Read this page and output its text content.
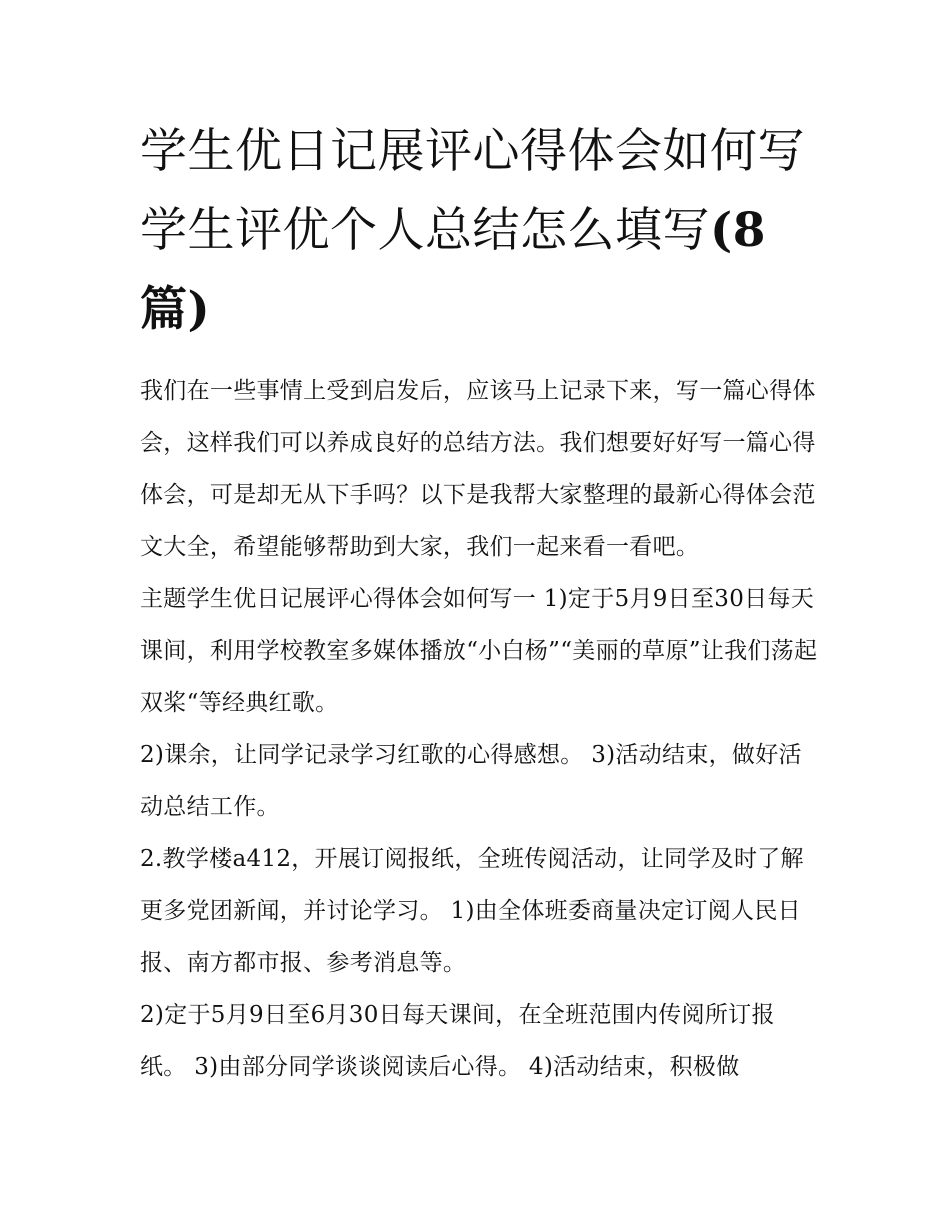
学生优日记展评心得体会如何写 学生评优个人总结怎么填写(8篇)

我们在一些事情上受到启发后，应该马上记录下来，写一篇心得体会，这样我们可以养成良好的总结方法。我们想要好好写一篇心得体会，可是却无从下手吗？以下是我帮大家整理的最新心得体会范文大全，希望能够帮助到大家，我们一起来看一看吧。

主题学生优日记展评心得体会如何写一 1)定于5月9日至30日每天课间，利用学校教室多媒体播放“小白杨”“美丽的草原”让我们荡起双桨“等经典红歌。

2)课余，让同学记录学习红歌的心得感想。 3)活动结束，做好活动总结工作。

2.教学楼a412，开展订阅报纸，全班传阅活动，让同学及时了解更多党团新闻，并讨论学习。 1)由全体班委商量决定订阅人民日报、南方都市报、参考消息等。

2)定于5月9日至6月30日每天课间，在全班范围内传阅所订报纸。 3)由部分同学谈谈阅读后心得。 4)活动结束，积极做
